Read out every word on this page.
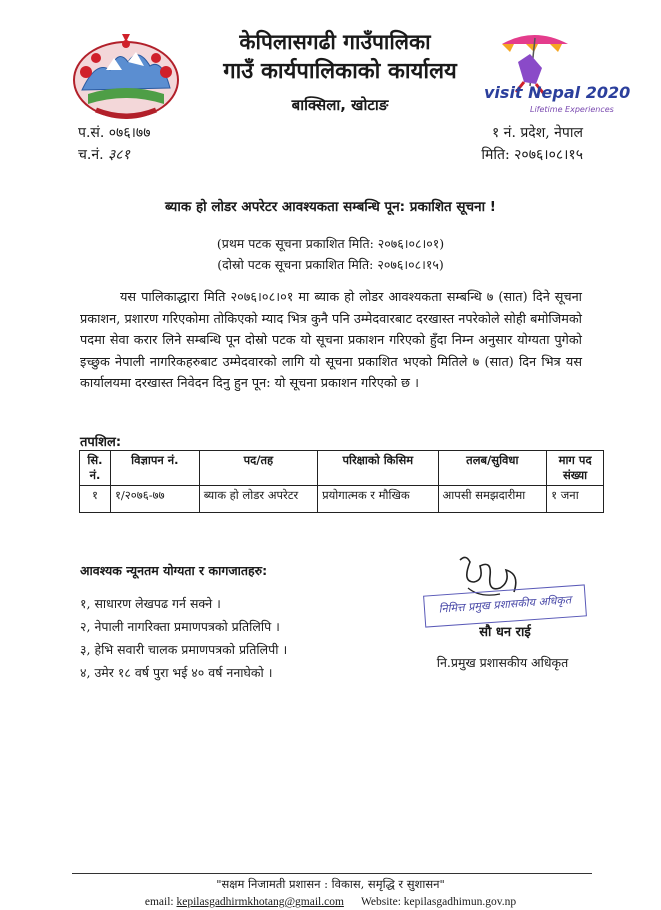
केपिलासगढी गाउँपालिका
गाउँ कार्यपालिकाको कार्यालय
बाक्सिला, खोटाङ
visit Nepal 2020
Lifetime Experiences
प.सं. ०७६।७७
च.नं. ३८१
१ नं. प्रदेश, नेपाल
मिति: २०७६।०८।१५
ब्याक हो लोडर अपरेटर आवश्यकता सम्बन्धि पून: प्रकाशित सूचना !
(प्रथम पटक सूचना प्रकाशित मिति: २०७६।०८।०१)
(दोस्रो पटक सूचना प्रकाशित मिति: २०७६।०८।१५)
यस पालिकाद्धारा मिति २०७६।०८।०१ मा ब्याक हो लोडर आवश्यकता सम्बन्धि ७ (सात) दिने सूचना प्रकाशन, प्रशारण गरिएकोमा तोकिएको म्याद भित्र कुनै पनि उम्मेदवारबाट दरखास्त नपरेकोले सोही बमोजिमको पदमा सेवा करार लिने सम्बन्धि पून दोस्रो पटक यो सूचना प्रकाशन गरिएको हुँदा निम्न अनुसार योग्यता पुगेको इच्छुक नेपाली नागरिकहरुबाट उम्मेदवारको लागि यो सूचना प्रकाशित भएको मितिले ७ (सात) दिन भित्र यस कार्यालयमा दरखास्त निवेदन दिनु हुन पून: यो सूचना प्रकाशन गरिएको छ ।
तपशिल:
सि. नं.	विज्ञापन नं.	पद/तह	परिक्षाको किसिम	तलब/सुविधा	माग पद संख्या
१	१/२०७६-७७	ब्याक हो लोडर अपरेटर	प्रयोगात्मक र मौखिक	आपसी समझदारीमा	१ जना
आवश्यक न्यूनतम योग्यता र कागजातहरु:
१, साधारण लेखपढ गर्न सक्ने ।
२, नेपाली नागरिक्ता प्रमाणपत्रको प्रतिलिपि ।
३, हेभि सवारी चालक प्रमाणपत्रको प्रतिलिपी ।
४, उमेर १८ वर्ष पुरा भई ४० वर्ष ननाघेको ।
निमित्त प्रमुख प्रशासकीय अधिकृत
सौ धन राई
नि.प्रमुख प्रशासकीय अधिकृत
"सक्षम निजामती प्रशासन : विकास, समृद्धि र सुशासन"
email: kepilasgadhirmkhotang@gmail.com Website: kepilasgadhimun.gov.np
